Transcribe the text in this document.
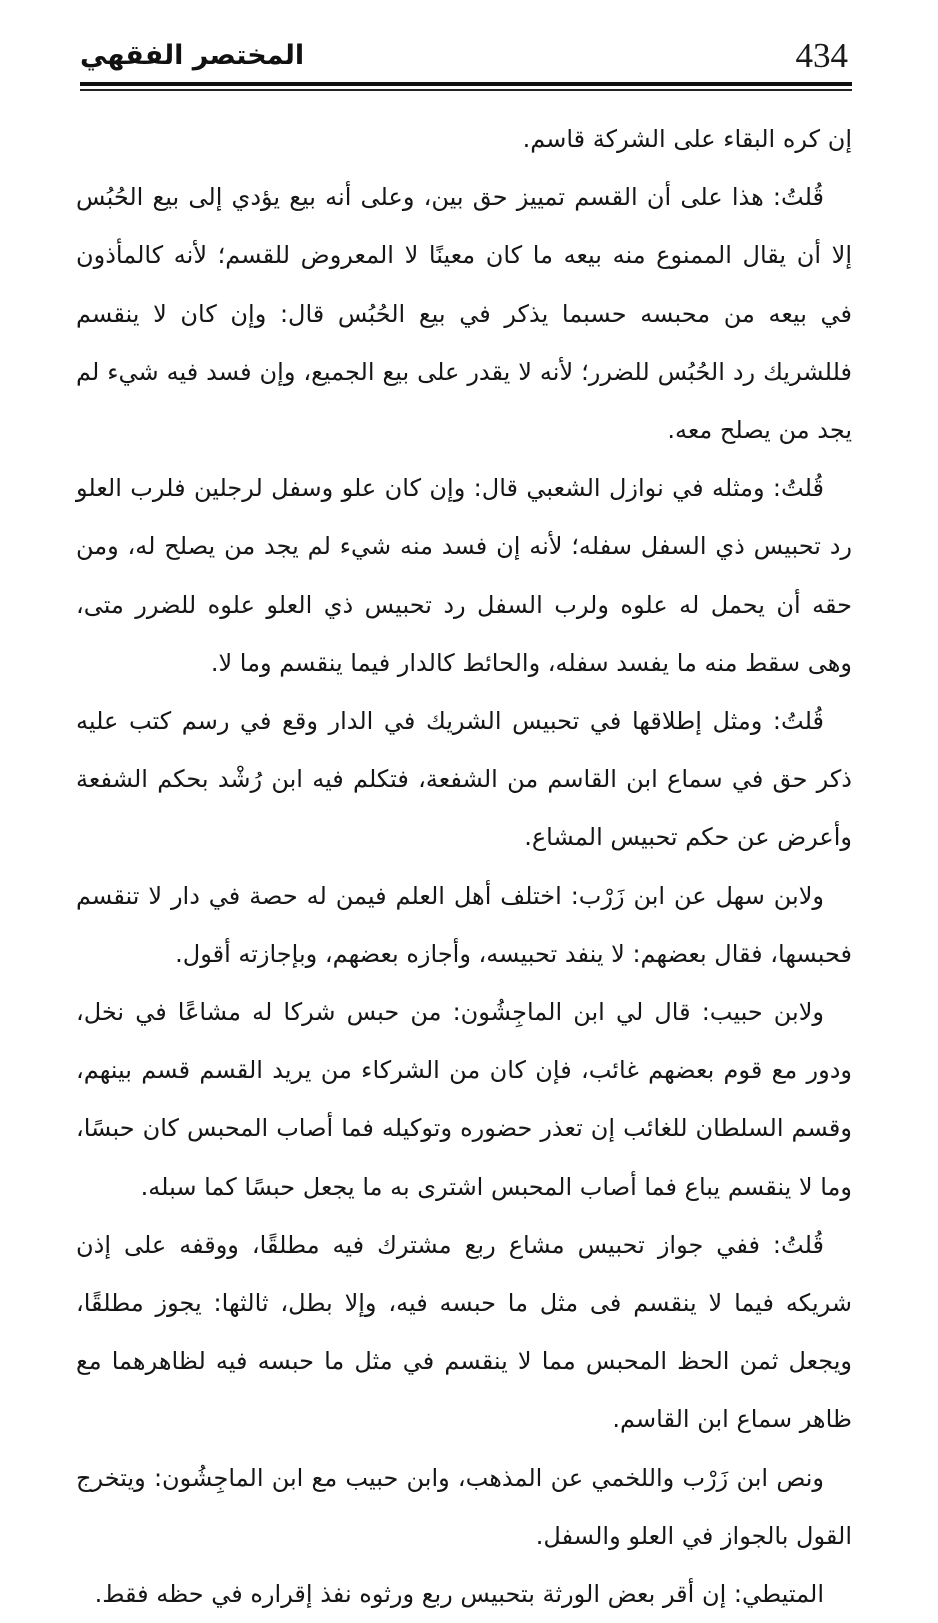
434
المختصر الفقهي

إن كره البقاء على الشركة قاسم.

قُلتُ: هذا على أن القسم تمييز حق بين، وعلى أنه بيع يؤدي إلى بيع الحُبُس إلا أن يقال الممنوع منه بيعه ما كان معينًا لا المعروض للقسم؛ لأنه كالمأذون في بيعه من محبسه حسبما يذكر في بيع الحُبُس قال: وإن كان لا ينقسم فللشريك رد الحُبُس للضرر؛ لأنه لا يقدر على بيع الجميع، وإن فسد فيه شيء لم يجد من يصلح معه.

قُلتُ: ومثله في نوازل الشعبي قال: وإن كان علو وسفل لرجلين فلرب العلو رد تحبيس ذي السفل سفله؛ لأنه إن فسد منه شيء لم يجد من يصلح له، ومن حقه أن يحمل له علوه ولرب السفل رد تحبيس ذي العلو علوه للضرر متى، وهى سقط منه ما يفسد سفله، والحائط كالدار فيما ينقسم وما لا.

قُلتُ: ومثل إطلاقها في تحبيس الشريك في الدار وقع في رسم كتب عليه ذكر حق في سماع ابن القاسم من الشفعة، فتكلم فيه ابن رُشْد بحكم الشفعة وأعرض عن حكم تحبيس المشاع.

ولابن سهل عن ابن زَرْب: اختلف أهل العلم فيمن له حصة في دار لا تنقسم فحبسها، فقال بعضهم: لا ينفد تحبيسه، وأجازه بعضهم، وبإجازته أقول.

ولابن حبيب: قال لي ابن الماجِشُون: من حبس شركا له مشاعًا في نخل، ودور مع قوم بعضهم غائب، فإن كان من الشركاء من يريد القسم قسم بينهم، وقسم السلطان للغائب إن تعذر حضوره وتوكيله فما أصاب المحبس كان حبسًا، وما لا ينقسم يباع فما أصاب المحبس اشترى به ما يجعل حبسًا كما سبله.

قُلتُ: ففي جواز تحبيس مشاع ربع مشترك فيه مطلقًا، ووقفه على إذن شريكه فيما لا ينقسم فى مثل ما حبسه فيه، وإلا بطل، ثالثها: يجوز مطلقًا، ويجعل ثمن الحظ المحبس مما لا ينقسم في مثل ما حبسه فيه لظاهرهما مع ظاهر سماع ابن القاسم.

ونص ابن زَرْب واللخمي عن المذهب، وابن حبيب مع ابن الماجِشُون: ويتخرج القول بالجواز في العلو والسفل.

المتيطي: إن أقر بعض الورثة بتحبيس ربع ورثوه نفذ إقراره في حظه فقط.
